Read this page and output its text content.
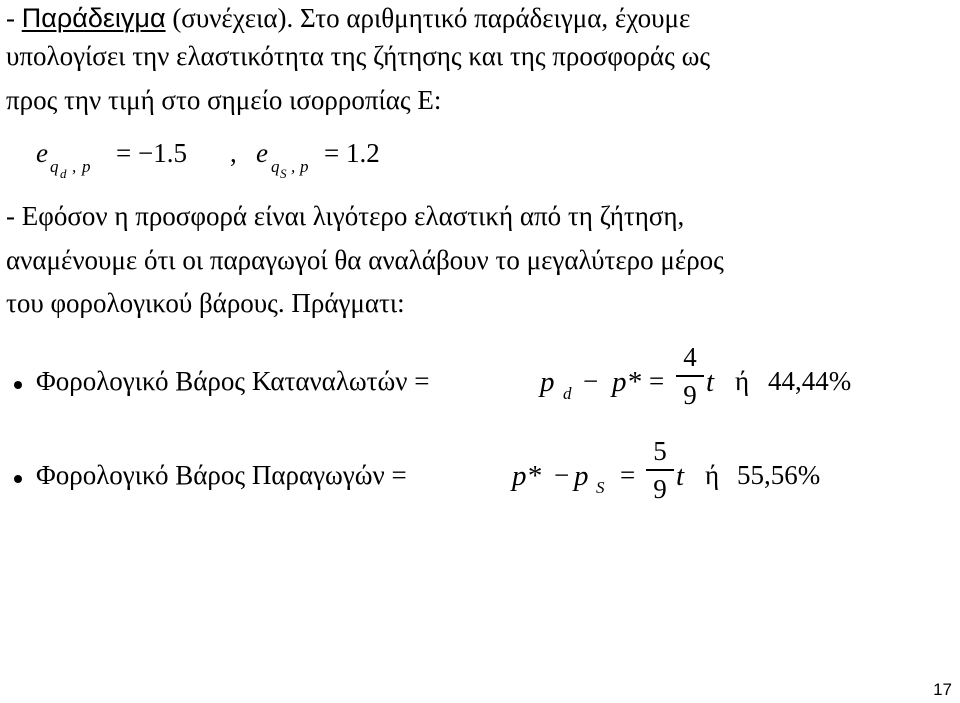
- Παράδειγμα (συνέχεια). Στο αριθμητικό παράδειγμα, έχουμε
υπολογίσει την ελαστικότητα της ζήτησης και της προσφοράς ως
προς την τιμή στο σημείο ισορροπίας Ε:
e q d , p = −1.5 , e q S , p = 1.2
- Εφόσον η προσφορά είναι λιγότερο ελαστική από τη ζήτηση,
αναμένουμε ότι οι παραγωγοί θα αναλάβουν το μεγαλύτερο μέρος
του φορολογικού βάρους. Πράγματι:
Φορολογικό Βάρος Καταναλωτών =	p d − p* =
4
9 t ή 44,44%
Φορολογικό Βάρος Παραγωγών =	p* − p S =
5
9 t ή 55,56%
17
